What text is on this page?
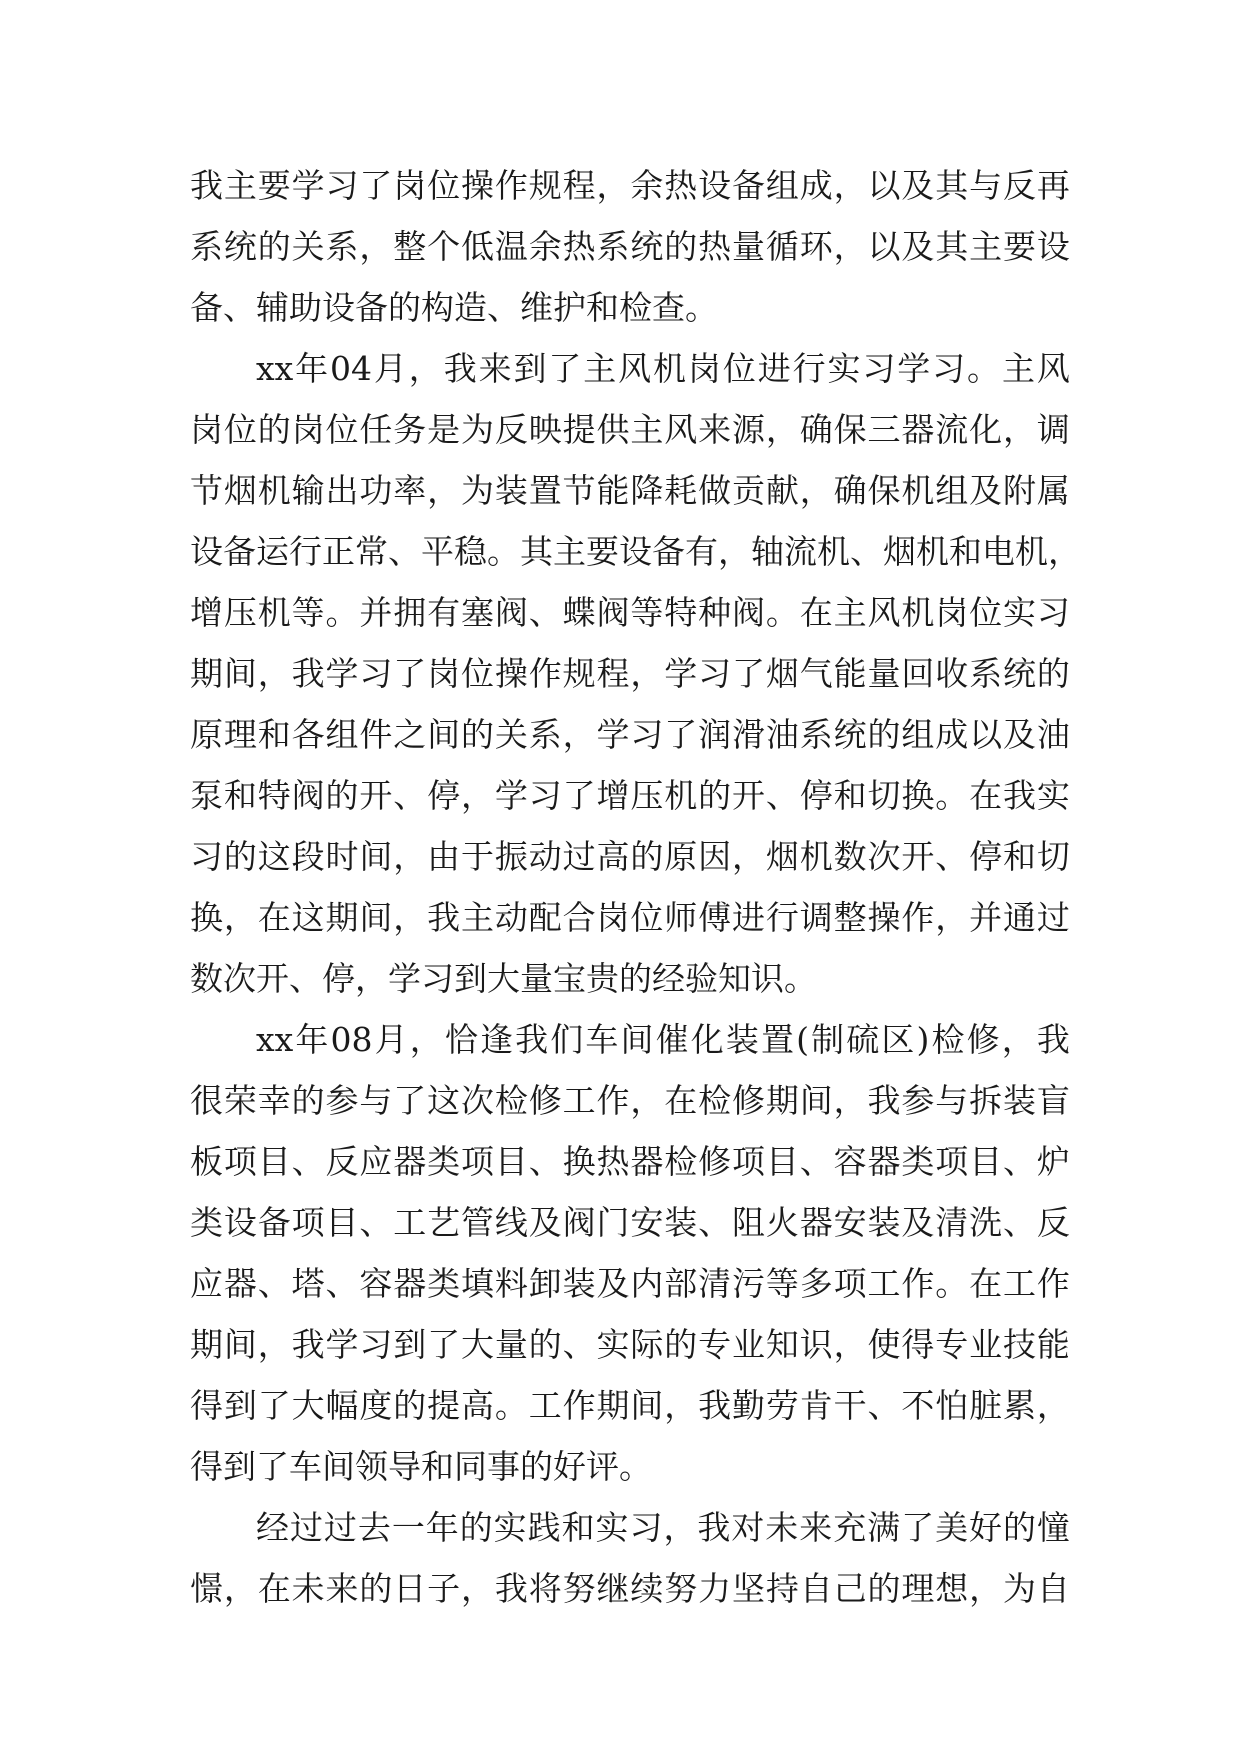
我 主 要 学 习 了 岗 位 操 作 规 程 ， 余 热 设 备 组 成 ， 以 及 其 与 反 再
系 统 的 关 系 ， 整 个 低 温 余 热 系 统 的 热 量 循 环 ， 以 及 其 主 要 设
备、辅助设备的构造、维护和检查。
xx 年 04 月 ， 我 来 到 了 主 风 机 岗 位 进 行 实 习 学 习 。 主 风
岗 位 的 岗 位 任 务 是 为 反 映 提 供 主 风 来 源 ， 确 保 三 器 流 化 ， 调
节 烟 机 输 出 功 率 ， 为 装 置 节 能 降 耗 做 贡 献 ， 确 保 机 组 及 附 属
设 备 运 行 正 常 、 平 稳 。 其 主 要 设 备 有 ， 轴 流 机 、 烟 机 和 电 机 ，
增 压 机 等 。 并 拥 有 塞 阀 、 蝶 阀 等 特 种 阀 。 在 主 风 机 岗 位 实 习
期 间 ， 我 学 习 了 岗 位 操 作 规 程 ， 学 习 了 烟 气 能 量 回 收 系 统 的
原 理 和 各 组 件 之 间 的 关 系 ， 学 习 了 润 滑 油 系 统 的 组 成 以 及 油
泵 和 特 阀 的 开 、 停 ， 学 习 了 增 压 机 的 开 、 停 和 切 换 。 在 我 实
习 的 这 段 时 间 ， 由 于 振 动 过 高 的 原 因 ， 烟 机 数 次 开 、 停 和 切
换 ， 在 这 期 间 ， 我 主 动 配 合 岗 位 师 傅 进 行 调 整 操 作 ， 并 通 过
数次开、停，学习到大量宝贵的经验知识。
xx 年 08 月 ， 恰 逢 我 们 车 间 催 化 装 置 ( 制 硫 区 ) 检 修 ， 我
很 荣 幸 的 参 与 了 这 次 检 修 工 作 ， 在 检 修 期 间 ， 我 参 与 拆 装 盲
板 项 目 、 反 应 器 类 项 目 、 换 热 器 检 修 项 目 、 容 器 类 项 目 、 炉
类 设 备 项 目 、 工 艺 管 线 及 阀 门 安 装 、 阻 火 器 安 装 及 清 洗 、 反
应 器 、 塔 、 容 器 类 填 料 卸 装 及 内 部 清 污 等 多 项 工 作 。 在 工 作
期 间 ， 我 学 习 到 了 大 量 的 、 实 际 的 专 业 知 识 ， 使 得 专 业 技 能
得 到 了 大 幅 度 的 提 高 。 工 作 期 间 ， 我 勤 劳 肯 干 、 不 怕 脏 累 ，
得到了车间领导和同事的好评。
经 过 过 去 一 年 的 实 践 和 实 习 ， 我 对 未 来 充 满 了 美 好 的 憧
憬 ， 在 未 来 的 日 子 ， 我 将 努 继 续 努 力 坚 持 自 己 的 理 想 ， 为 自
